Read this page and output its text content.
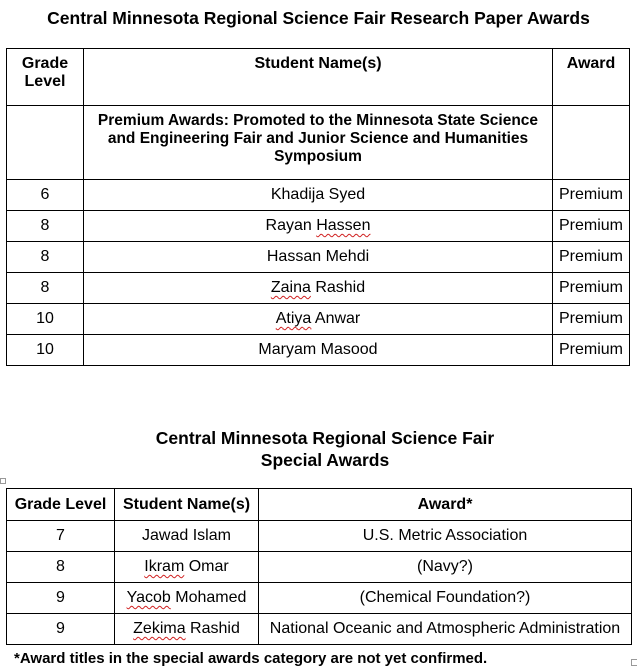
Central Minnesota Regional Science Fair Research Paper Awards
Grade Level	Student Name(s)	Award
	Premium Awards: Promoted to the Minnesota State Science and Engineering Fair and Junior Science and Humanities Symposium	
6	Khadija Syed	Premium
8	Rayan Hassen	Premium
8	Hassan Mehdi	Premium
8	Zaina Rashid	Premium
10	Atiya Anwar	Premium
10	Maryam Masood	Premium
Central Minnesota Regional Science Fair
Special Awards
Grade Level	Student Name(s)	Award*
7	Jawad Islam	U.S. Metric Association
8	Ikram Omar	(Navy?)
9	Yacob Mohamed	(Chemical Foundation?)
9	Zekima Rashid	National Oceanic and Atmospheric Administration
*Award titles in the special awards category are not yet confirmed.
